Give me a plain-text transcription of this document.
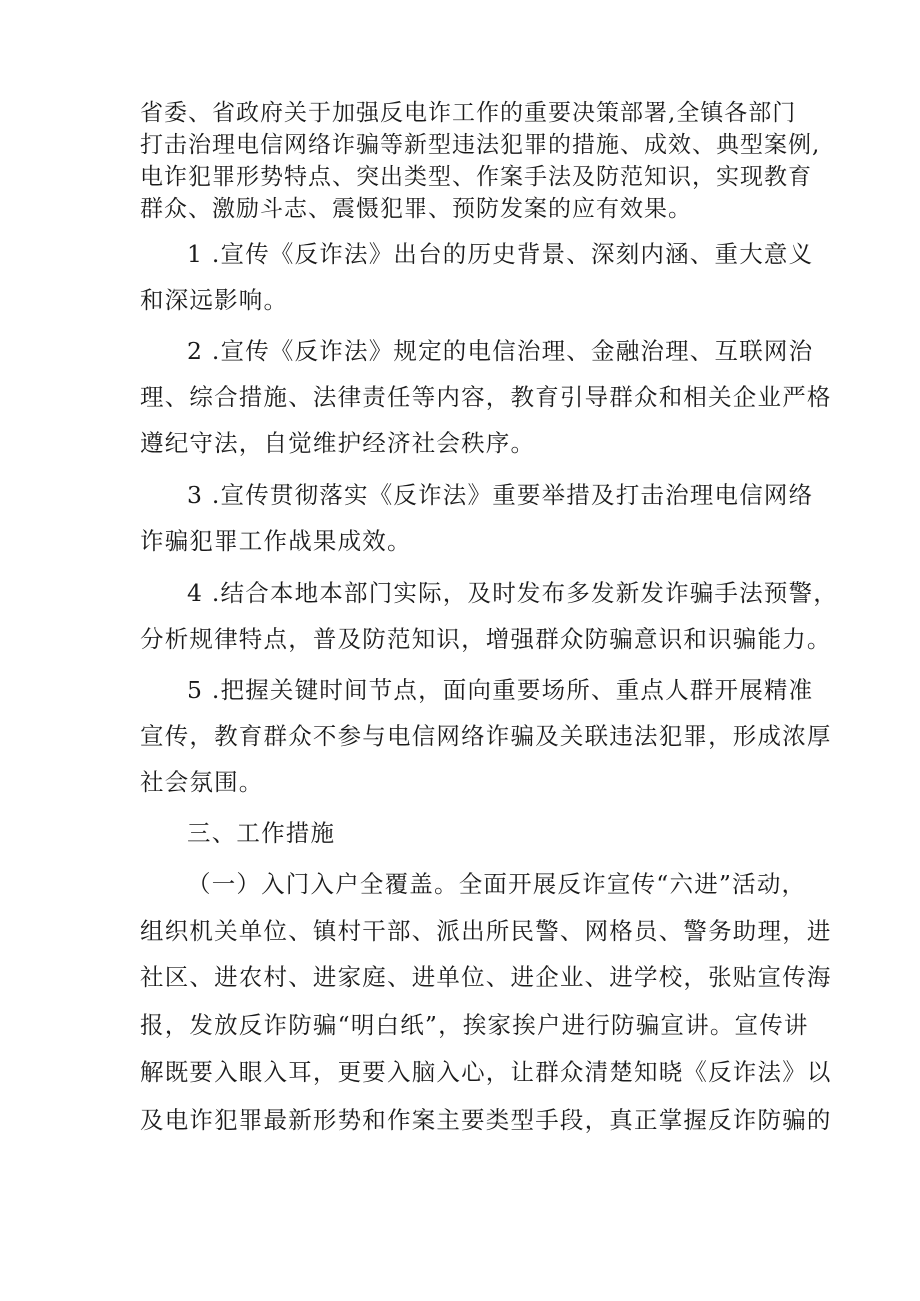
省委、省政府关于加强反电诈工作的重要决策部署,全镇各部门
打击治理电信网络诈骗等新型违法犯罪的措施、成效、典型案例,
电诈犯罪形势特点、突出类型、作案手法及防范知识，实现教育
群众、激励斗志、震慑犯罪、预防发案的应有效果。
1 .宣传《反诈法》出台的历史背景、深刻内涵、重大意义
和深远影响。
2 .宣传《反诈法》规定的电信治理、金融治理、互联网治
理、综合措施、法律责任等内容，教育引导群众和相关企业严格
遵纪守法，自觉维护经济社会秩序。
3 .宣传贯彻落实《反诈法》重要举措及打击治理电信网络
诈骗犯罪工作战果成效。
4 .结合本地本部门实际，及时发布多发新发诈骗手法预警，
分析规律特点，普及防范知识，增强群众防骗意识和识骗能力。
5 .把握关键时间节点，面向重要场所、重点人群开展精准
宣传，教育群众不参与电信网络诈骗及关联违法犯罪，形成浓厚
社会氛围。
三、工作措施
（一）入门入户全覆盖。全面开展反诈宣传“六进”活动，
组织机关单位、镇村干部、派出所民警、网格员、警务助理，进
社区、进农村、进家庭、进单位、进企业、进学校，张贴宣传海
报，发放反诈防骗“明白纸”，挨家挨户进行防骗宣讲。宣传讲
解既要入眼入耳，更要入脑入心，让群众清楚知晓《反诈法》以
及电诈犯罪最新形势和作案主要类型手段，真正掌握反诈防骗的
